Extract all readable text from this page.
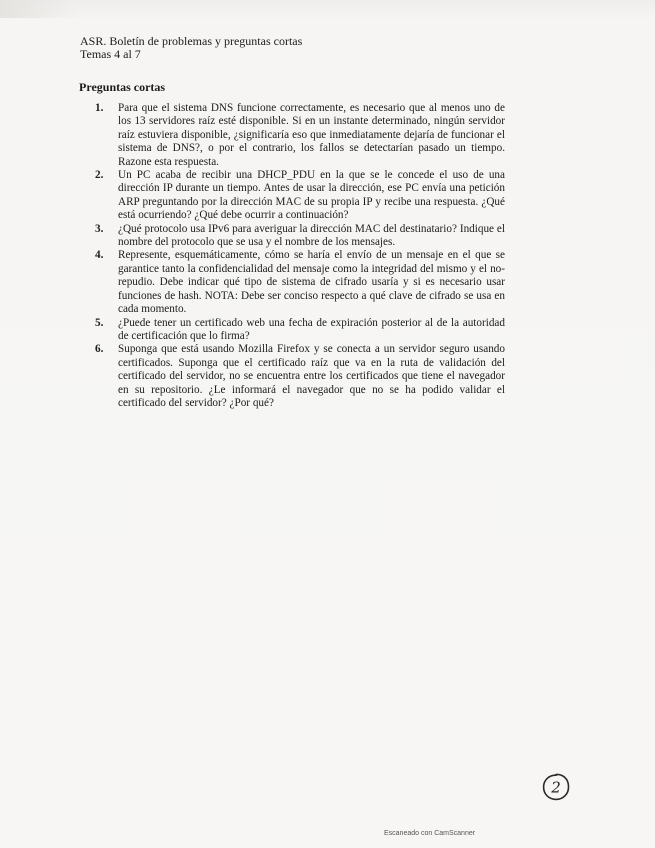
ASR. Boletín de problemas y preguntas cortas
Temas 4 al 7
Preguntas cortas
1.	Para que el sistema DNS funcione correctamente, es necesario que al menos uno de los 13 servidores raíz esté disponible. Si en un instante determinado, ningún servidor raíz estuviera disponible, ¿significaría eso que inmediatamente dejaría de funcionar el sistema de DNS?, o por el contrario, los fallos se detectarían pasado un tiempo. Razone esta respuesta.
2.	Un PC acaba de recibir una DHCP_PDU en la que se le concede el uso de una dirección IP durante un tiempo. Antes de usar la dirección, ese PC envía una petición ARP preguntando por la dirección MAC de su propia IP y recibe una respuesta. ¿Qué está ocurriendo? ¿Qué debe ocurrir a continuación?
3.	¿Qué protocolo usa IPv6 para averiguar la dirección MAC del destinatario? Indique el nombre del protocolo que se usa y el nombre de los mensajes.
4.	Represente, esquemáticamente, cómo se haría el envío de un mensaje en el que se garantice tanto la confidencialidad del mensaje como la integridad del mismo y el no-repudio. Debe indicar qué tipo de sistema de cifrado usaría y si es necesario usar funciones de hash. NOTA: Debe ser conciso respecto a qué clave de cifrado se usa en cada momento.
5.	¿Puede tener un certificado web una fecha de expiración posterior al de la autoridad de certificación que lo firma?
6.	Suponga que está usando Mozilla Firefox y se conecta a un servidor seguro usando certificados. Suponga que el certificado raíz que va en la ruta de validación del certificado del servidor, no se encuentra entre los certificados que tiene el navegador en su repositorio. ¿Le informará el navegador que no se ha podido validar el certificado del servidor? ¿Por qué?
2
Escaneado con CamScanner
